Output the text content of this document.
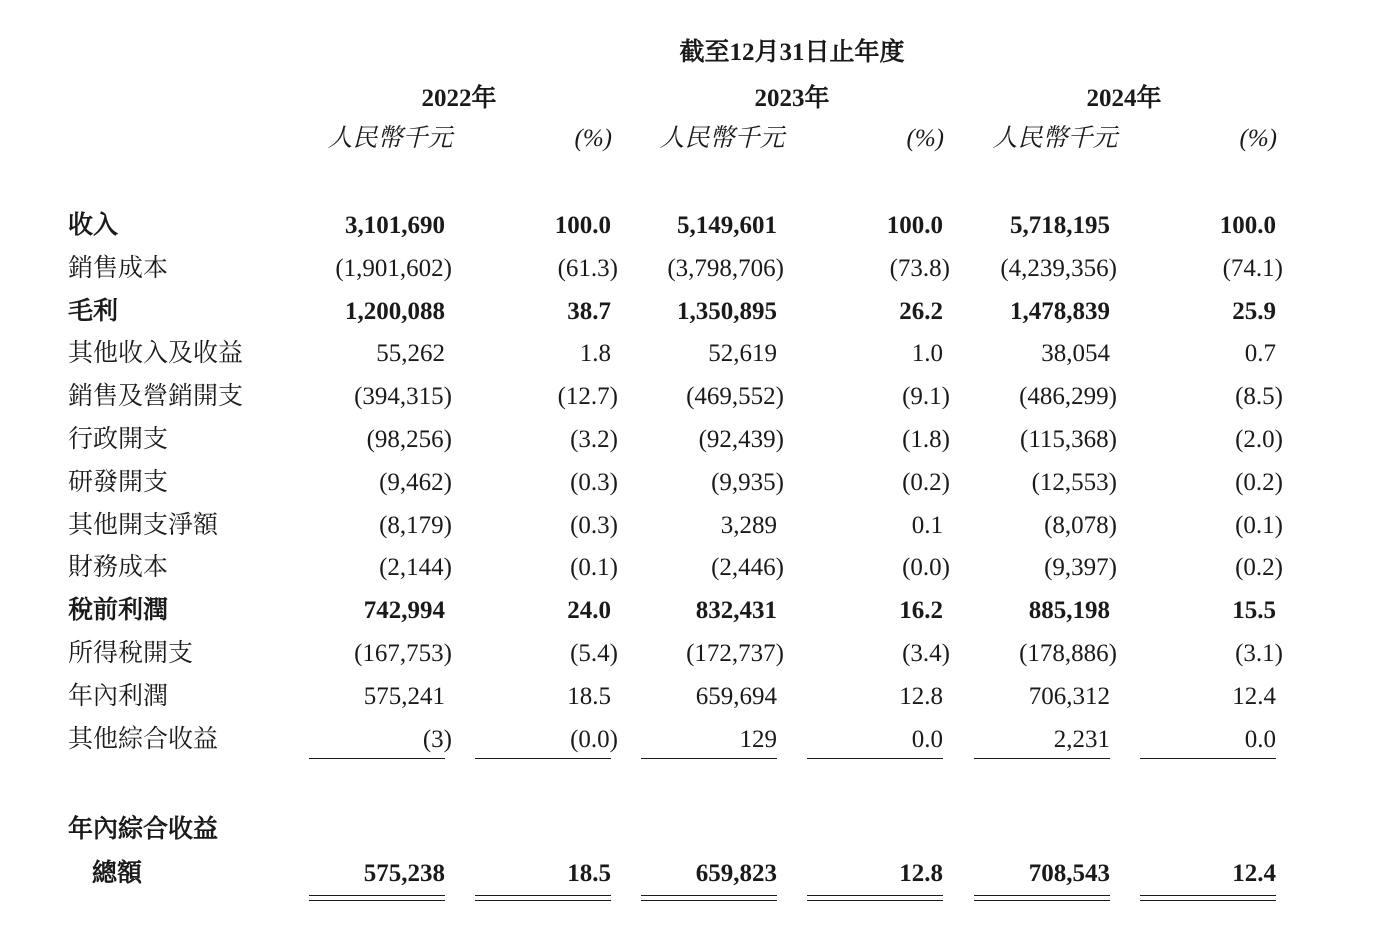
截至12月31日止年度
2022年	2023年	2024年
人民幣千元	(%) 人民幣千元	(%) 人民幣千元	(%)
收入	3,101,690	100.0	5,149,601	100.0	5,718,195	100.0
銷售成本	(1,901,602)	(61.3) (3,798,706)	(73.8) (4,239,356)	(74.1)
毛利	1,200,088	38.7	1,350,895	26.2	1,478,839	25.9
其他收入及收益	55,262	1.8	52,619	1.0	38,054	0.7
銷售及營銷開支	(394,315)	(12.7)	(469,552)	(9.1)	(486,299)	(8.5)
行政開支	(98,256)	(3.2)	(92,439)	(1.8)	(115,368)	(2.0)
研發開支	(9,462)	(0.3)	(9,935)	(0.2)	(12,553)	(0.2)
其他開支淨額	(8,179)	(0.3)	3,289	0.1	(8,078)	(0.1)
財務成本	(2,144)	(0.1)	(2,446)	(0.0)	(9,397)	(0.2)
稅前利潤	742,994	24.0	832,431	16.2	885,198	15.5
所得稅開支	(167,753)	(5.4)	(172,737)	(3.4)	(178,886)	(3.1)
年內利潤	575,241	18.5	659,694	12.8	706,312	12.4
其他綜合收益	(3)	(0.0)	129	0.0	2,231	0.0
年內綜合收益
總額	575,238	18.5	659,823	12.8	708,543	12.4
